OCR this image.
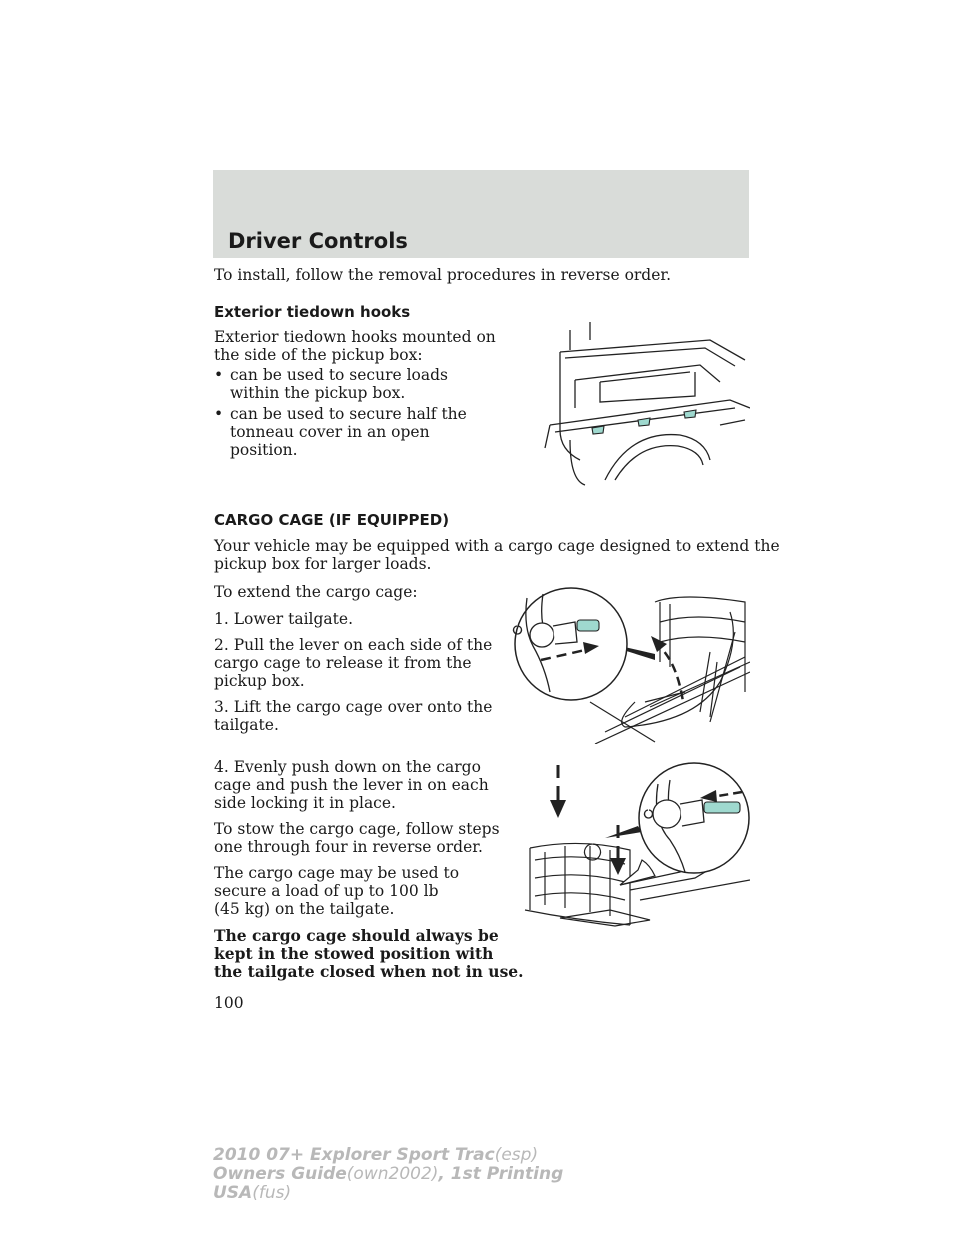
Driver Controls
To install, follow the removal procedures in reverse order.
Exterior tiedown hooks
Exterior tiedown hooks mounted on
the side of the pickup box:
• can be used to secure loads
within the pickup box.
• can be used to secure half the
tonneau cover in an open
position.
CARGO CAGE (IF EQUIPPED)
Your vehicle may be equipped with a cargo cage designed to extend the
pickup box for larger loads.
To extend the cargo cage:
1. Lower tailgate.
2. Pull the lever on each side of the
cargo cage to release it from the
pickup box.
3. Lift the cargo cage over onto the
tailgate.
4. Evenly push down on the cargo
cage and push the lever in on each
side locking it in place.
To stow the cargo cage, follow steps
one through four in reverse order.
The cargo cage may be used to
secure a load of up to 100 lb
(45 kg) on the tailgate.
The cargo cage should always be
kept in the stowed position with
the tailgate closed when not in use.
100
2010 07+ Explorer Sport Trac(esp)
Owners Guide(own2002), 1st Printing
USA(fus)
